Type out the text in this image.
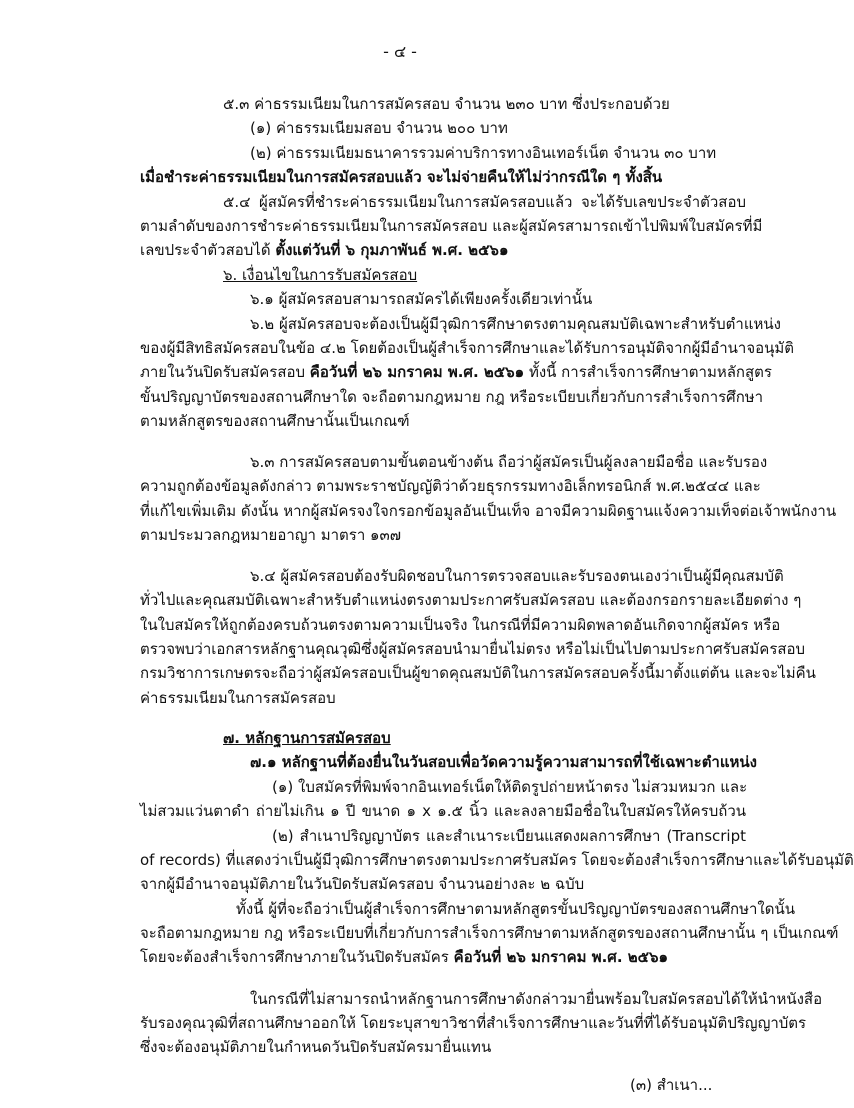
- ๔ -
๕.๓ ค่าธรรมเนียมในการสมัครสอบ จำนวน ๒๓๐ บาท ซึ่งประกอบด้วย
(๑) ค่าธรรมเนียมสอบ จำนวน ๒๐๐ บาท
(๒) ค่าธรรมเนียมธนาคารรวมค่าบริการทางอินเทอร์เน็ต จำนวน ๓๐ บาท
เมื่อชำระค่าธรรมเนียมในการสมัครสอบแล้ว จะไม่จ่ายคืนให้ไม่ว่ากรณีใด ๆ ทั้งสิ้น
๕.๔ ผู้สมัครที่ชำระค่าธรรมเนียมในการสมัครสอบแล้ว จะได้รับเลขประจำตัวสอบ
ตามลำดับของการชำระค่าธรรมเนียมในการสมัครสอบ และผู้สมัครสามารถเข้าไปพิมพ์ใบสมัครที่มี
เลขประจำตัวสอบได้ ตั้งแต่วันที่ ๖ กุมภาพันธ์ พ.ศ. ๒๕๖๑
๖. เงื่อนไขในการรับสมัครสอบ
๖.๑ ผู้สมัครสอบสามารถสมัครได้เพียงครั้งเดียวเท่านั้น
๖.๒ ผู้สมัครสอบจะต้องเป็นผู้มีวุฒิการศึกษาตรงตามคุณสมบัติเฉพาะสำหรับตำแหน่ง
ของผู้มีสิทธิสมัครสอบในข้อ ๔.๒ โดยต้องเป็นผู้สำเร็จการศึกษาและได้รับการอนุมัติจากผู้มีอำนาจอนุมัติ
ภายในวันปิดรับสมัครสอบ คือวันที่ ๒๖ มกราคม พ.ศ. ๒๕๖๑ ทั้งนี้ การสำเร็จการศึกษาตามหลักสูตร
ขั้นปริญญาบัตรของสถานศึกษาใด จะถือตามกฎหมาย กฎ หรือระเบียบเกี่ยวกับการสำเร็จการศึกษา
ตามหลักสูตรของสถานศึกษานั้นเป็นเกณฑ์
๖.๓ การสมัครสอบตามขั้นตอนข้างต้น ถือว่าผู้สมัครเป็นผู้ลงลายมือชื่อ และรับรอง
ความถูกต้องข้อมูลดังกล่าว ตามพระราชบัญญัติว่าด้วยธุรกรรมทางอิเล็กทรอนิกส์ พ.ศ.๒๕๔๔ และ
ที่แก้ไขเพิ่มเติม ดังนั้น หากผู้สมัครจงใจกรอกข้อมูลอันเป็นเท็จ อาจมีความผิดฐานแจ้งความเท็จต่อเจ้าพนักงาน
ตามประมวลกฎหมายอาญา มาตรา ๑๓๗
๖.๔ ผู้สมัครสอบต้องรับผิดชอบในการตรวจสอบและรับรองตนเองว่าเป็นผู้มีคุณสมบัติ
ทั่วไปและคุณสมบัติเฉพาะสำหรับตำแหน่งตรงตามประกาศรับสมัครสอบ และต้องกรอกรายละเอียดต่าง ๆ
ในใบสมัครให้ถูกต้องครบถ้วนตรงตามความเป็นจริง ในกรณีที่มีความผิดพลาดอันเกิดจากผู้สมัคร หรือ
ตรวจพบว่าเอกสารหลักฐานคุณวุฒิซึ่งผู้สมัครสอบนำมายื่นไม่ตรง หรือไม่เป็นไปตามประกาศรับสมัครสอบ
กรมวิชาการเกษตรจะถือว่าผู้สมัครสอบเป็นผู้ขาดคุณสมบัติในการสมัครสอบครั้งนี้มาตั้งแต่ต้น และจะไม่คืน
ค่าธรรมเนียมในการสมัครสอบ
๗. หลักฐานการสมัครสอบ
๗.๑ หลักฐานที่ต้องยื่นในวันสอบเพื่อวัดความรู้ความสามารถที่ใช้เฉพาะตำแหน่ง
(๑) ใบสมัครที่พิมพ์จากอินเทอร์เน็ตให้ติดรูปถ่ายหน้าตรง ไม่สวมหมวก และ
ไม่สวมแว่นตาดำ ถ่ายไม่เกิน ๑ ปี ขนาด ๑ x ๑.๕ นิ้ว และลงลายมือชื่อในใบสมัครให้ครบถ้วน
(๒) สำเนาปริญญาบัตร และสำเนาระเบียนแสดงผลการศึกษา (Transcript
of records) ที่แสดงว่าเป็นผู้มีวุฒิการศึกษาตรงตามประกาศรับสมัคร โดยจะต้องสำเร็จการศึกษาและได้รับอนุมัติ
จากผู้มีอำนาจอนุมัติภายในวันปิดรับสมัครสอบ จำนวนอย่างละ ๒ ฉบับ
ทั้งนี้ ผู้ที่จะถือว่าเป็นผู้สำเร็จการศึกษาตามหลักสูตรขั้นปริญญาบัตรของสถานศึกษาใดนั้น
จะถือตามกฎหมาย กฎ หรือระเบียบที่เกี่ยวกับการสำเร็จการศึกษาตามหลักสูตรของสถานศึกษานั้น ๆ เป็นเกณฑ์
โดยจะต้องสำเร็จการศึกษาภายในวันปิดรับสมัคร คือวันที่ ๒๖ มกราคม พ.ศ. ๒๕๖๑
ในกรณีที่ไม่สามารถนำหลักฐานการศึกษาดังกล่าวมายื่นพร้อมใบสมัครสอบได้ให้นำหนังสือ
รับรองคุณวุฒิที่สถานศึกษาออกให้ โดยระบุสาขาวิชาที่สำเร็จการศึกษาและวันที่ที่ได้รับอนุมัติปริญญาบัตร
ซึ่งจะต้องอนุมัติภายในกำหนดวันปิดรับสมัครมายื่นแทน
(๓) สำเนา...
